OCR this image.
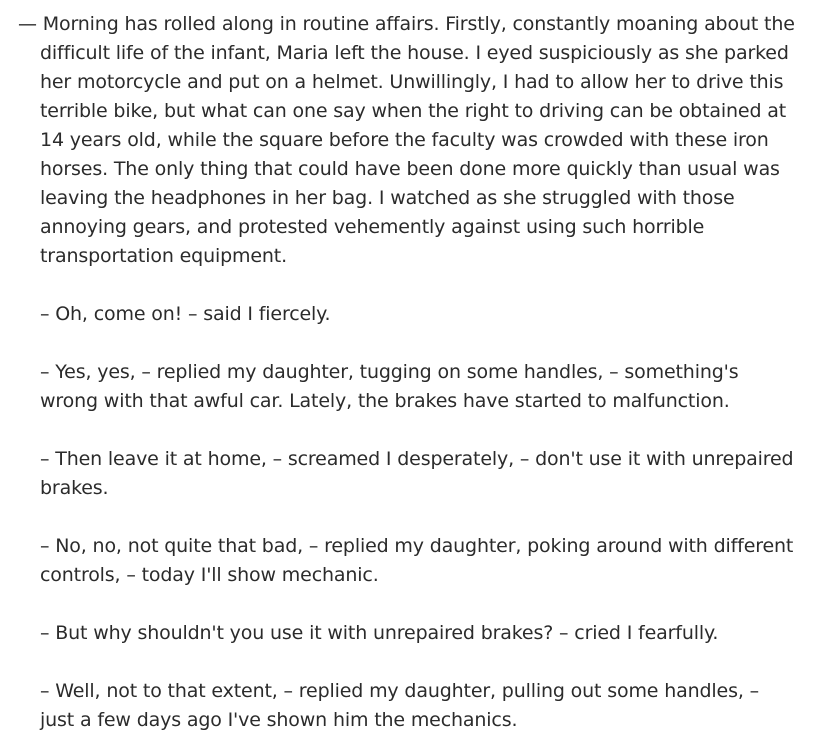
— Morning has rolled along in routine affairs. Firstly, constantly moaning about the difficult life of the infant, Maria left the house. I eyed suspiciously as she parked her motorcycle and put on a helmet. Unwillingly, I had to allow her to drive this terrible bike, but what can one say when the right to driving can be obtained at 14 years old, while the square before the faculty was crowded with these iron horses. The only thing that could have been done more quickly than usual was leaving the headphones in her bag. I watched as she struggled with those annoying gears, and protested vehemently against using such horrible transportation equipment.

– Oh, come on! – said I fiercely.

– Yes, yes, – replied my daughter, tugging on some handles, – something's wrong with that awful car. Lately, the brakes have started to malfunction.

– Then leave it at home, – screamed I desperately, – don't use it with unrepaired brakes.

– No, no, not quite that bad, – replied my daughter, poking around with different controls, – today I'll show mechanic.

– But why shouldn't you use it with unrepaired brakes? – cried I fearfully.

– Well, not to that extent, – replied my daughter, pulling out some handles, – just a few days ago I've shown him the mechanics.
